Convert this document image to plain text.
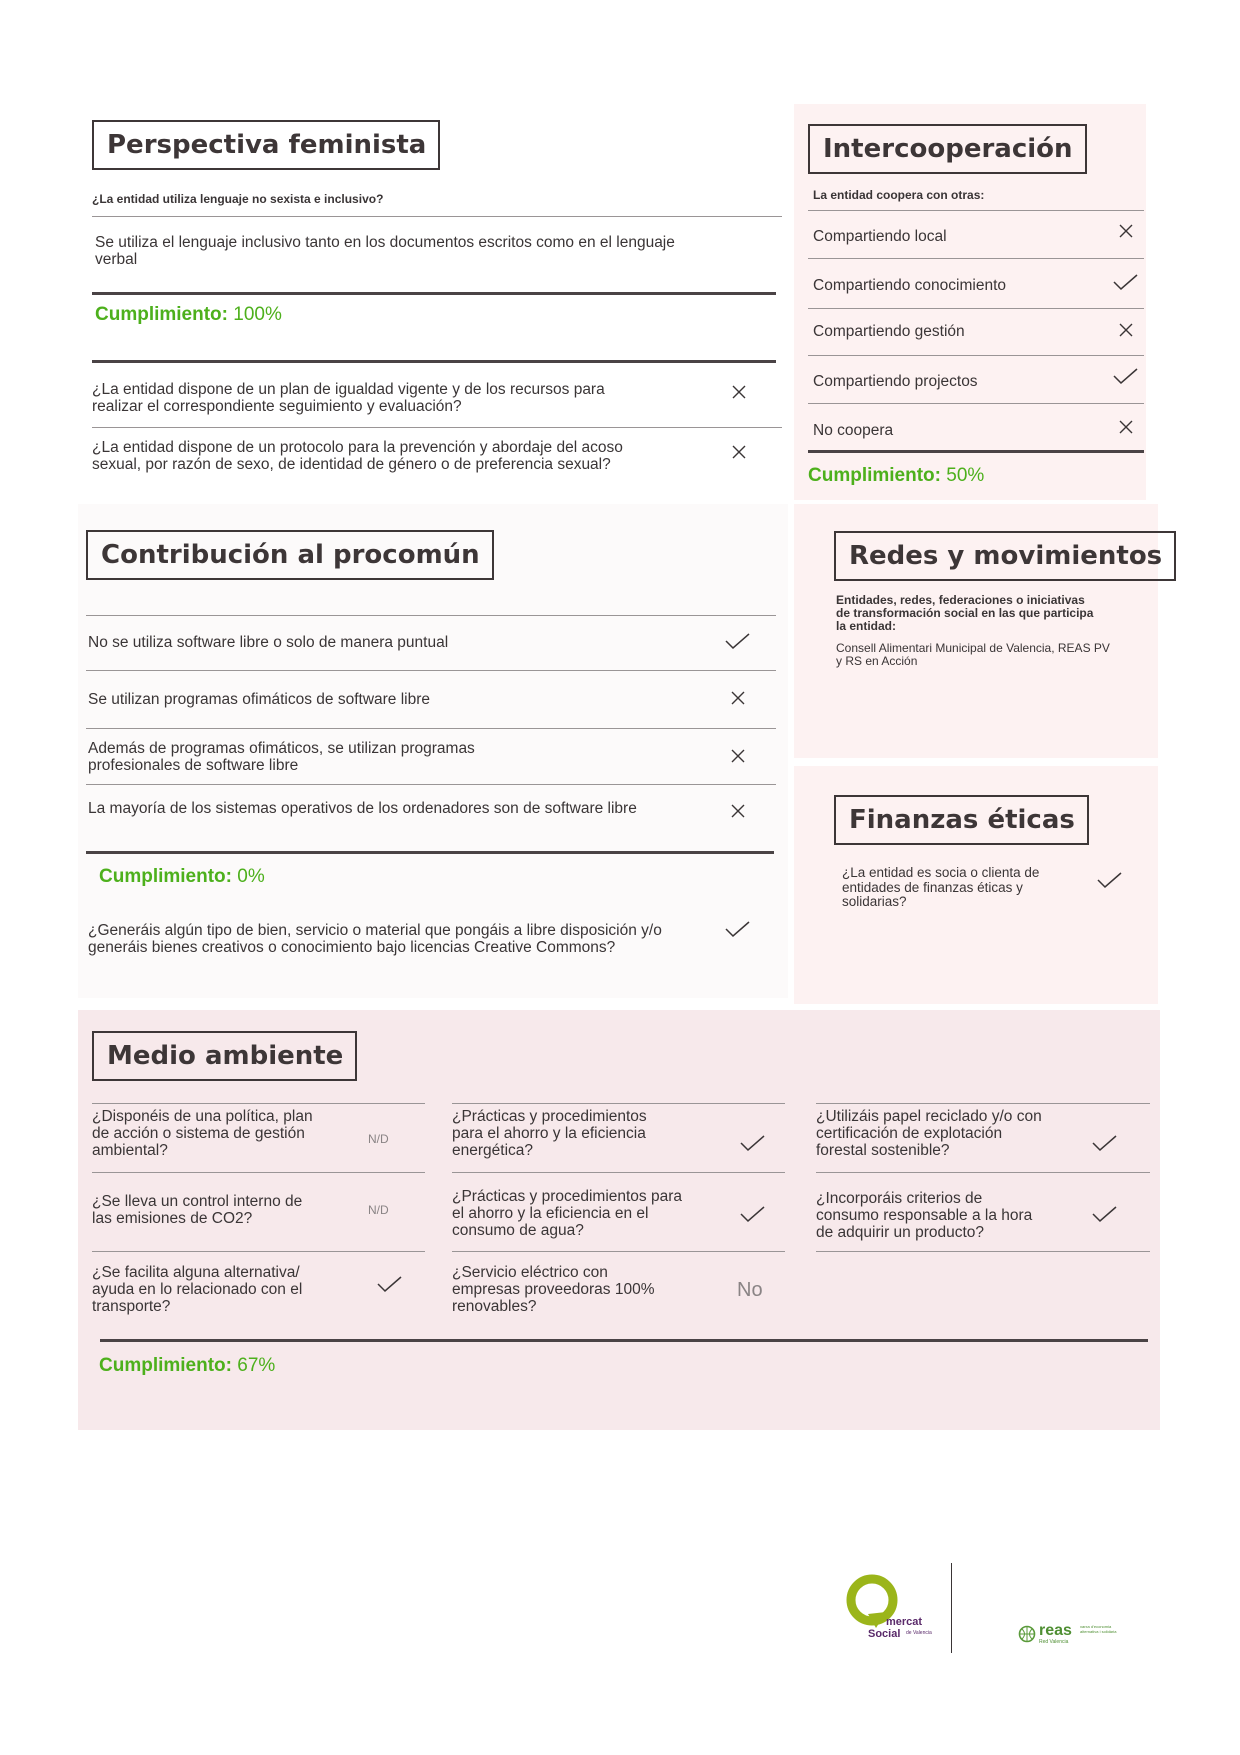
Perspectiva feminista
¿La entidad utiliza lenguaje no sexista e inclusivo?
Se utiliza el lenguaje inclusivo tanto en los documentos escritos como en el lenguaje verbal
Cumplimiento: 100%
¿La entidad dispone de un plan de igualdad vigente y de los recursos para realizar el correspondiente seguimiento y evaluación?
¿La entidad dispone de un protocolo para la prevención y abordaje del acoso sexual, por razón de sexo, de identidad de género o de preferencia sexual?
Intercooperación
La entidad coopera con otras:
Compartiendo local
Compartiendo conocimiento
Compartiendo gestión
Compartiendo projectos
No coopera
Cumplimiento: 50%
Contribución al procomún
No se utiliza software libre o solo de manera puntual
Se utilizan programas ofimáticos de software libre
Además de programas ofimáticos, se utilizan programas profesionales de software libre
La mayoría de los sistemas operativos de los ordenadores son de software libre
Cumplimiento: 0%
¿Generáis algún tipo de bien, servicio o material que pongáis a libre disposición y/o generáis bienes creativos o conocimiento bajo licencias Creative Commons?
Redes y movimientos
Entidades, redes, federaciones o iniciativas de transformación social en las que participa la entidad:
Consell Alimentari Municipal de Valencia, REAS PV y RS en Acción
Finanzas éticas
¿La entidad es socia o clienta de entidades de finanzas éticas y solidarias?
Medio ambiente
¿Disponéis de una política, plan de acción o sistema de gestión ambiental?
N/D
¿Prácticas y procedimientos para el ahorro y la eficiencia energética?
¿Utilizáis papel reciclado y/o con certificación de explotación forestal sostenible?
¿Se lleva un control interno de las emisiones de CO2?	N/D
¿Prácticas y procedimientos para el ahorro y la eficiencia en el consumo de agua?
¿Incorporáis criterios de consumo responsable a la hora de adquirir un producto?
¿Se facilita alguna alternativa/ ayuda en lo relacionado con el transporte?
¿Servicio eléctrico con empresas proveedoras 100% renovables?
No
Cumplimiento: 67%
mercat
Social de Valencia	reas
Red Valencia
xarxa d'economia alternativa i solidària
